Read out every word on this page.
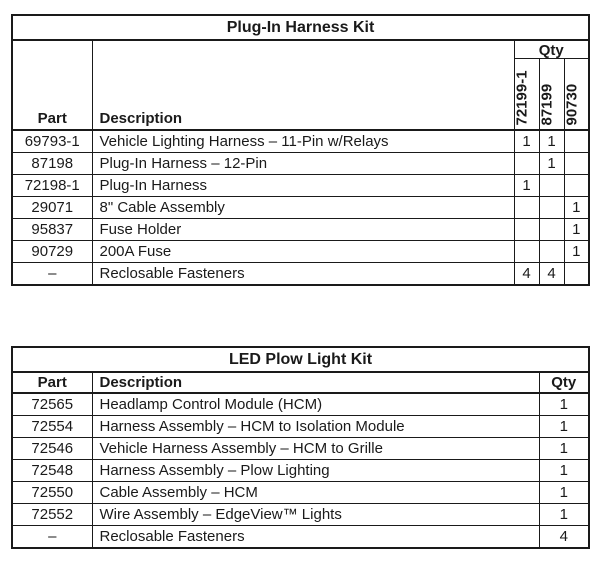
Plug-In Harness Kit				
Part	Description	Qty		

		72199-1	87199	90730

69793-1	Vehicle Lighting Harness – 11-Pin w/Relays	1	1	
87198	Plug-In Harness – 12-Pin		1	
72198-1	Plug-In Harness	1		
29071	8" Cable Assembly			1
95837	Fuse Holder			1
90729	200A Fuse			1
–	Reclosable Fasteners	4	4	
LED Plow Light Kit		
Part	Description	Qty
72565	Headlamp Control Module (HCM)	1
72554	Harness Assembly – HCM to Isolation Module	1
72546	Vehicle Harness Assembly – HCM to Grille	1
72548	Harness Assembly – Plow Lighting	1
72550	Cable Assembly – HCM	1
72552	Wire Assembly – EdgeView™ Lights	1
–	Reclosable Fasteners	4
